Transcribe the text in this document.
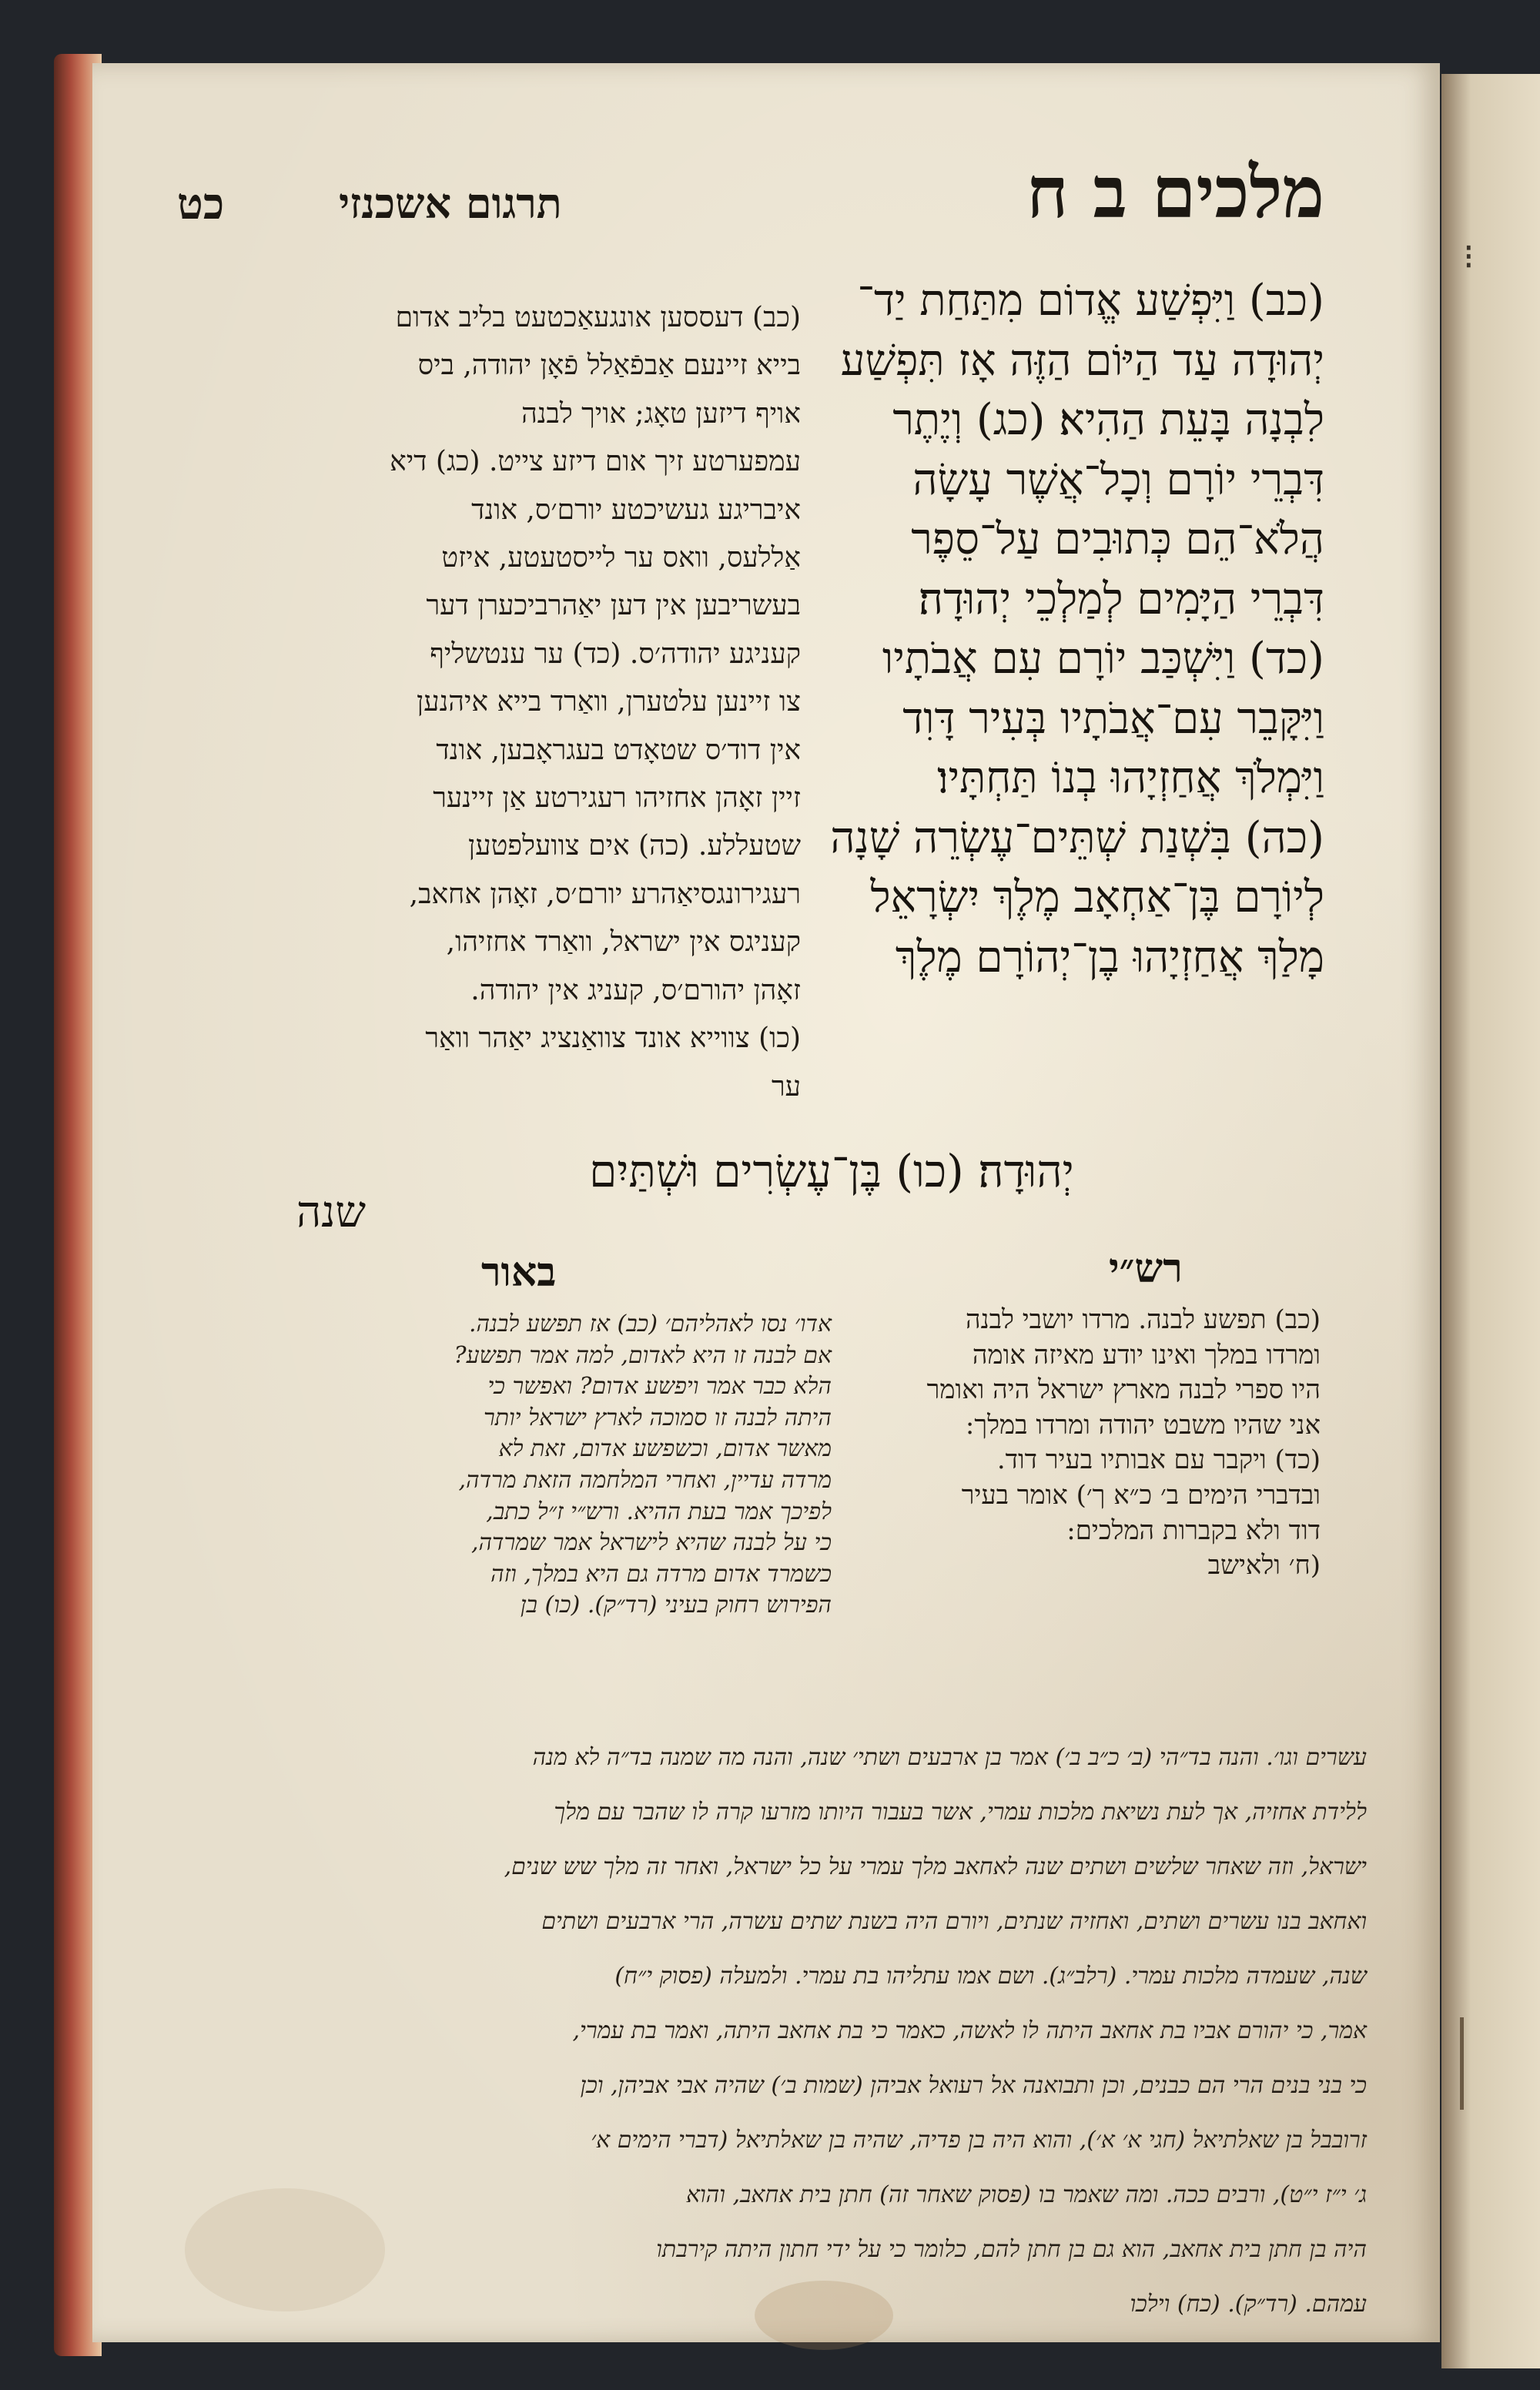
⁝
מלכים ב ח
תרגום אשכנזי
כט

(כב) וַיִּפְשַׁע אֱדוֹם מִתַּחַת יַד־

יְהוּדָה עַד הַיּוֹם הַזֶּה אָז תִּפְשַׁע

לִבְנָה בָּעֵת הַהִיא׃ (כג) וְיֶתֶר

דִּבְרֵי יוֹרָם וְכָל־אֲשֶׁר עָשָׂה

הֲלֹא־הֵם כְּתוּבִים עַל־סֵפֶר

דִּבְרֵי הַיָּמִים לְמַלְכֵי יְהוּדָה׃

(כד) וַיִּשְׁכַּב יוֹרָם עִם אֲבֹתָיו

וַיִּקָּבֵר עִם־אֲבֹתָיו בְּעִיר דָּוִד

וַיִּמְלֹךְ אֲחַזְיָהוּ בְנוֹ תַּחְתָּיו׃

(כה) בִּשְׁנַת שְׁתֵּים־עֶשְׂרֵה שָׁנָה

לְיוֹרָם בֶּן־אַחְאָב מֶלֶךְ יִשְׂרָאֵל

מָלַךְ אֲחַזְיָהוּ בֶן־יְהוֹרָם מֶלֶךְ

(כב) דעססען אונגעאַכטעט בליב אדום

בייא זיינעם אַבפֿאַלל פֿאָן יהודה, ביס

אויף דיזען טאָג; אויך לבנה

עמפערטע זיך אום דיזע צייט. (כג) דיא

איבריגע געשיכטע יורם׳ס, אונד

אַללעס, וואס ער לייסטעטע, איזט

בעשריבען אין דען יאַהרביכערן דער

קעניגע יהודה׳ס. (כד) ער ענטשליף

צו זיינען עלטערן, וואַרד בייא איהנען

אין דוד׳ס שטאָדט בעגראָבען, אונד

זיין זאָהן אחזיהו רעגירטע אַן זיינער

שטעללע. (כה) אים צוועלפטען

רעגירונגסיאַהרע יורם׳ס, זאָהן אחאב,

קעניגס אין ישראל, וואַרד אחזיהו,

זאָהן יהורם׳ס, קעניג אין יהודה.

(כו) צווייא אונד צוואַנציג יאַהר וואַר

ער

יְהוּדָה׃ (כו) בֶּן־עֶשְׂרִים וּשְׁתַּיִם
שנה
רש״י
באור

(כב) תפשע לבנה. מרדו יושבי לבנה

ומרדו במלך ואינו יודע מאיזה אומה

היו ספרי לבנה מארץ ישראל היה ואומר

אני שהיו משבט יהודה ומרדו במלך:

(כד) ויקבר עם אבותיו בעיר דוד.

ובדברי הימים ב׳ כ״א ך׳) אומר בעיר

דוד ולא בקברות המלכים:

(ח׳ ולאישב

אדו׳ נסו לאהליהם׳ (כב) אז תפשע לבנה.

אם לבנה זו היא לאדום, למה אמר תפשע?

הלא כבר אמר ויפשע אדום? ואפשר כי

היתה לבנה זו סמוכה לארץ ישראל יותר

מאשר אדום, וכשפשע אדום, זאת לא

מרדה עדיין, ואחרי המלחמה הזאת מרדה,

לפיכך אמר בעת ההיא. ורש״י ז״ל כתב,

כי על לבנה שהיא לישראל אמר שמרדה,

כשמרד אדום מרדה גם היא במלך, וזה

הפירוש רחוק בעיני (רד״ק). (כו) בן

עשרים וגו׳. והנה בד״הי (ב׳ כ״ב ב׳) אמר בן ארבעים ושתי׳ שנה, והנה מה שמנה בד״ה לא מנה

ללידת אחזיה, אך לעת נשיאת מלכות עמרי, אשר בעבור היותו מזרעו קרה לו שהבר עם מלך

ישראל, וזה שאחר שלשים ושתים שנה לאחאב מלך עמרי על כל ישראל, ואחר זה מלך שש שנים,

ואחאב בנו עשרים ושתים, ואחזיה שנתים, ויורם היה בשנת שתים עשרה, הרי ארבעים ושתים

שנה, שעמדה מלכות עמרי. (רלב״ג). ושם אמו עתליהו בת עמרי. ולמעלה (פסוק י״ח)

אמר, כי יהורם אביו בת אחאב היתה לו לאשה, כאמר כי בת אחאב היתה, ואמר בת עמרי,

כי בני בנים הרי הם כבנים, וכן ותבואנה אל רעואל אביהן (שמות ב׳) שהיה אבי אביהן, וכן

זרובבל בן שאלתיאל (חגי א׳ א׳), והוא היה בן פדיה, שהיה בן שאלתיאל (דברי הימים א׳

ג׳ י״ז י״ט), ורבים ככה. ומה שאמר בו (פסוק שאחר זה) חתן בית אחאב, והוא

היה בן חתן בית אחאב, הוא גם בן חתן להם, כלומר כי על ידי חתון היתה קירבתו

עמהם. (רד״ק). (כח) וילכו
